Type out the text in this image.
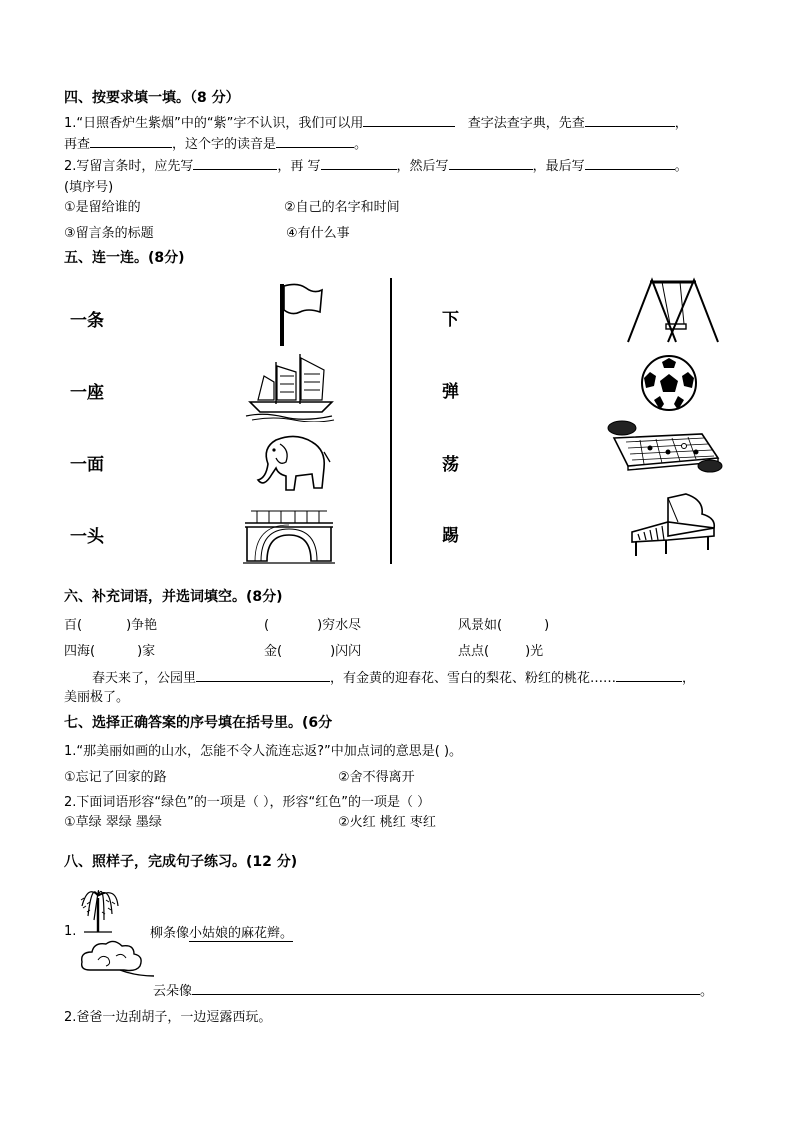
四、按要求填一填。（8 分）
1.“日照香炉生紫烟”中的“紫”字不认识，我们可以用	查字法查字典，先查	，
再查	，这个字的读音是	。
2.写留言条时，应先写	，再 写	，然后写	，最后写	。
(填序号)
①是留给谁的	②自己的名字和时间
③留言条的标题	④有什么事
五、连一连。(8分)
一条
一座
一面
一头
下
弹
荡
踢
六、补充词语，并选词填空。(8分)
百(	)争艳	(	)穷水尽	风景如(	)
四海(	)家	金(	)闪闪	点点(	)光
春天来了，公园里	，有金黄的迎春花、雪白的梨花、粉红的桃花……	，
美丽极了。
七、选择正确答案的序号填在括号里。(6分
1.“那美丽如画的山水，怎能不令人流连忘返?”中加点词的意思是( )。
①忘记了回家的路	②舍不得离开
2.下面词语形容“绿色”的一项是（ ），形容“红色”的一项是（ ）
①草绿 翠绿 墨绿	②火红 桃红 枣红
八、照样子，完成句子练习。(12 分)
1.	柳条像小姑娘的麻花辫。
云朵像	。
2.爸爸一边刮胡子，一边逗露西玩。
